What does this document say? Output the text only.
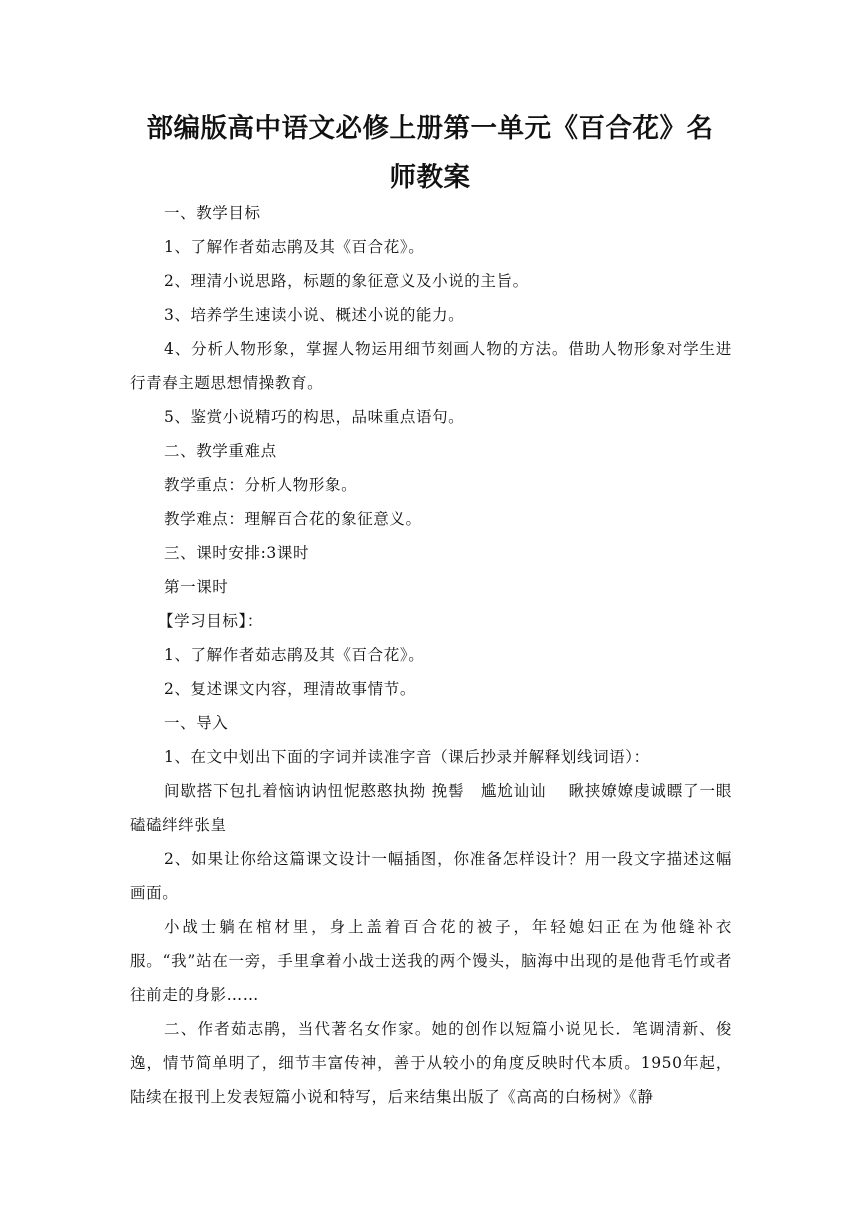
部编版高中语文必修上册第一单元《百合花》名
师教案

一、教学目标

1、了解作者茹志鹃及其《百合花》。

2、理清小说思路，标题的象征意义及小说的主旨。

3、培养学生速读小说、概述小说的能力。

4、分析人物形象，掌握人物运用细节刻画人物的方法。借助人物形象对学生进行青春主题思想情操教育。

5、鉴赏小说精巧的构思，品味重点语句。

二、教学重难点

教学重点：分析人物形象。

教学难点：理解百合花的象征意义。

三、课时安排:3课时

第一课时

【学习目标】：

1、了解作者茹志鹃及其《百合花》。

2、复述课文内容，理清故事情节。

一、导入

1、在文中划出下面的字词并读准字音（课后抄录并解释划线词语）：

间歇搭下包扎着恼讷讷忸怩憨憨执拗 挽髻　尴尬讪讪　 瞅挟嫽嫽虔诚瞟了一眼磕磕绊绊张皇

2、如果让你给这篇课文设计一幅插图，你准备怎样设计？用一段文字描述这幅画面。

小战士躺在棺材里，身上盖着百合花的被子，年轻媳妇正在为他缝补衣服。“我”站在一旁，手里拿着小战士送我的两个馒头，脑海中出现的是他背毛竹或者往前走的身影……

二、作者茹志鹃，当代著名女作家。她的创作以短篇小说见长．笔调清新、俊逸，情节简单明了，细节丰富传神，善于从较小的角度反映时代本质。1950年起，陆续在报刊上发表短篇小说和特写，后来结集出版了《高高的白杨树》《静
